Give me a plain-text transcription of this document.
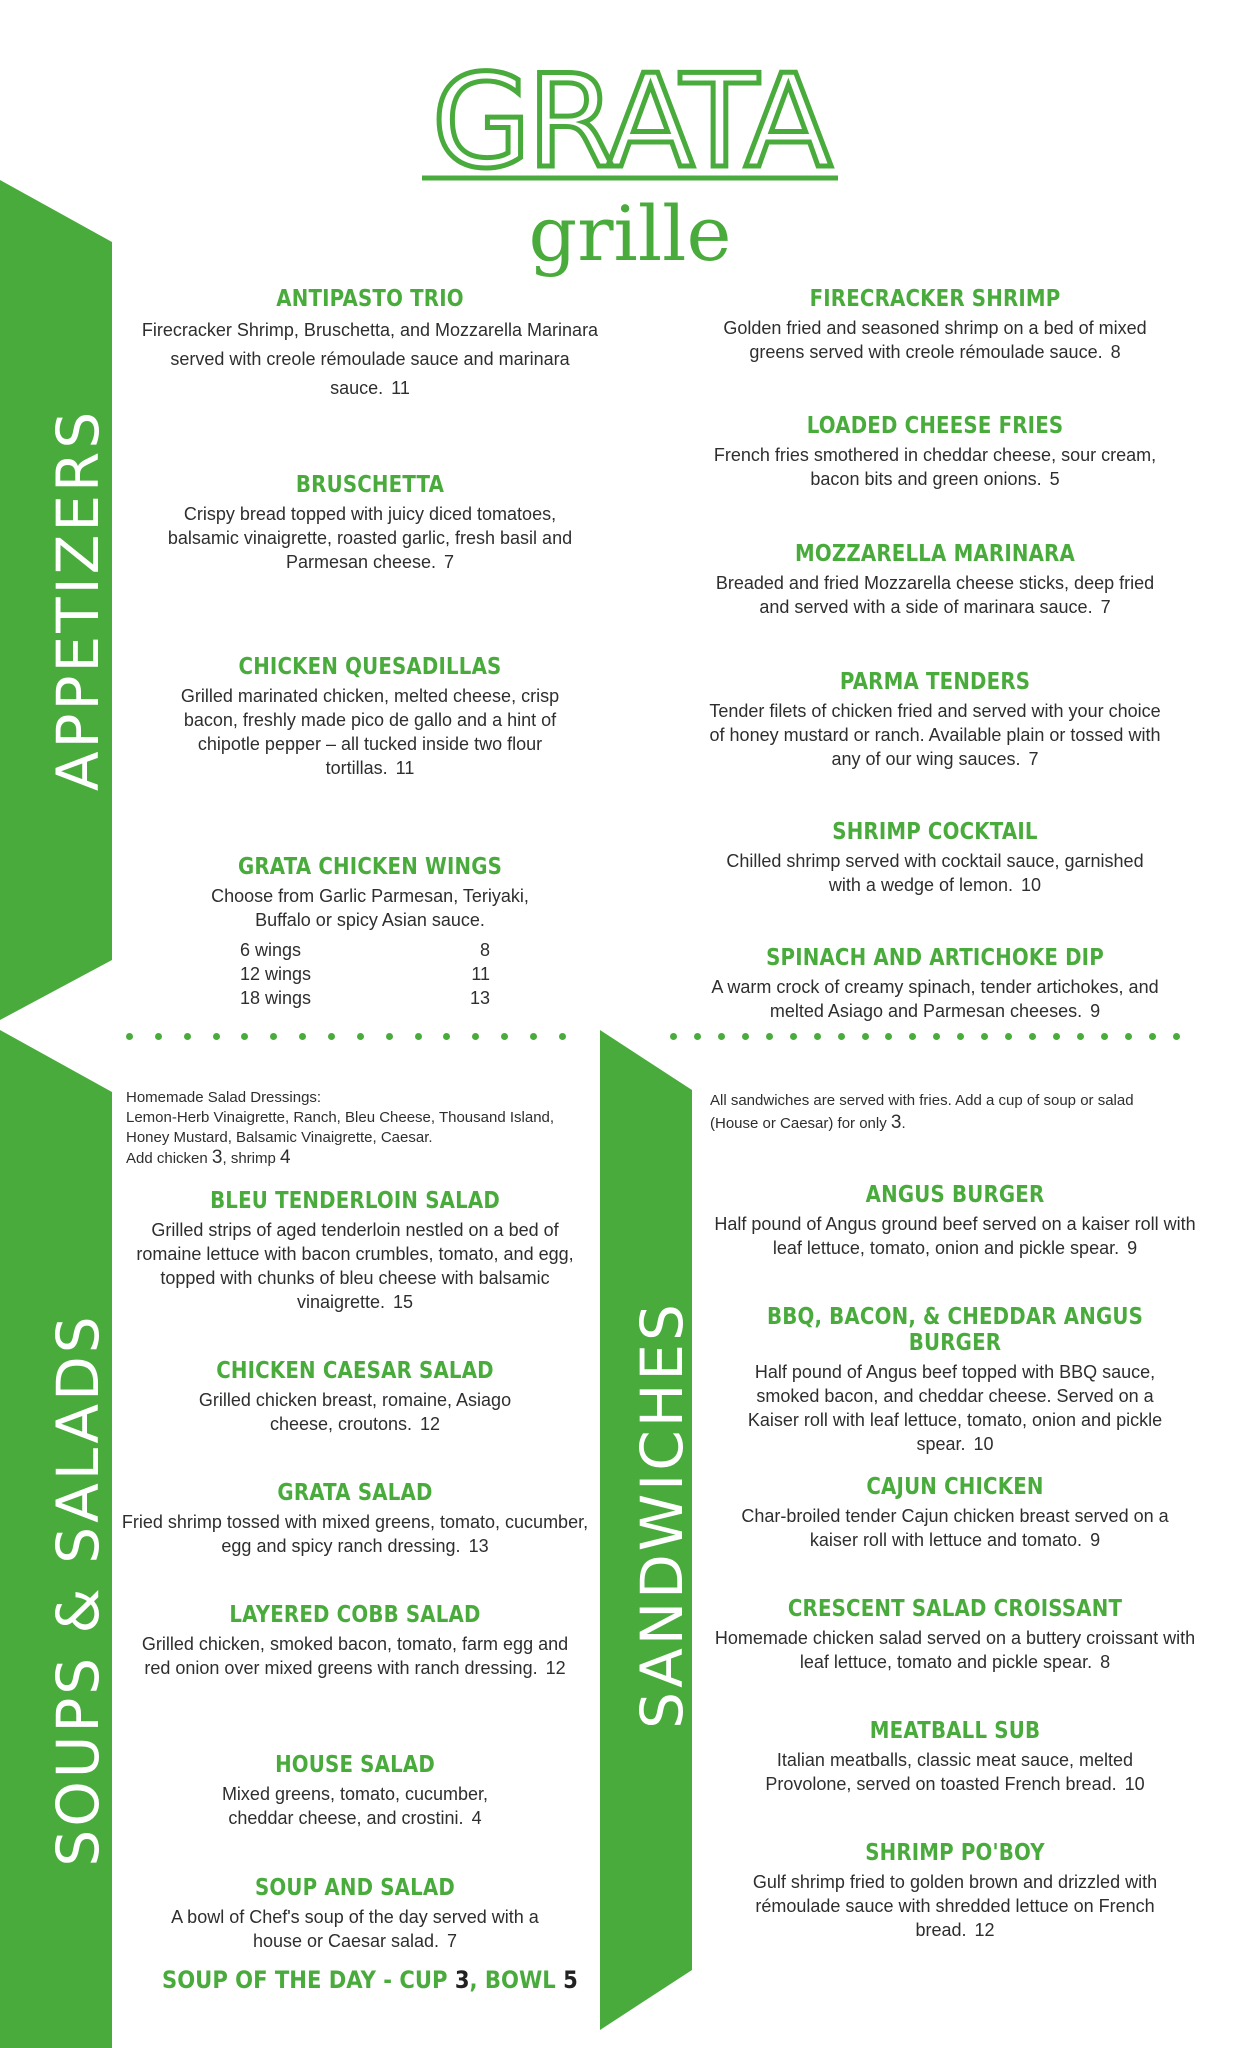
APPETIZERS
SOUPS & SALADS	SANDWICHES
GRATA
grille
ANTIPASTO TRIO
Firecracker Shrimp, Bruschetta, and Mozzarella Marinara served with creole rémoulade sauce and marinara sauce. 11
BRUSCHETTA
Crispy bread topped with juicy diced tomatoes, balsamic vinaigrette, roasted garlic, fresh basil and Parmesan cheese. 7
CHICKEN QUESADILLAS
Grilled marinated chicken, melted cheese, crisp bacon, freshly made pico de gallo and a hint of chipotle pepper – all tucked inside two flour tortillas. 11
GRATA CHICKEN WINGS
Choose from Garlic Parmesan, Teriyaki, Buffalo or spicy Asian sauce.
6 wings	8
12 wings	11
18 wings	13
FIRECRACKER SHRIMP
Golden fried and seasoned shrimp on a bed of mixed greens served with creole rémoulade sauce. 8
LOADED CHEESE FRIES
French fries smothered in cheddar cheese, sour cream, bacon bits and green onions. 5
MOZZARELLA MARINARA
Breaded and fried Mozzarella cheese sticks, deep fried and served with a side of marinara sauce. 7
PARMA TENDERS
Tender filets of chicken fried and served with your choice of honey mustard or ranch. Available plain or tossed with any of our wing sauces. 7
SHRIMP COCKTAIL
Chilled shrimp served with cocktail sauce, garnished with a wedge of lemon. 10
SPINACH AND ARTICHOKE DIP
A warm crock of creamy spinach, tender artichokes, and melted Asiago and Parmesan cheeses. 9
Homemade Salad Dressings:
Lemon-Herb Vinaigrette, Ranch, Bleu Cheese, Thousand Island, Honey Mustard, Balsamic Vinaigrette, Caesar.
Add chicken 3, shrimp 4
BLEU TENDERLOIN SALAD
Grilled strips of aged tenderloin nestled on a bed of romaine lettuce with bacon crumbles, tomato, and egg, topped with chunks of bleu cheese with balsamic vinaigrette. 15
CHICKEN CAESAR SALAD
Grilled chicken breast, romaine, Asiago cheese, croutons. 12
GRATA SALAD
Fried shrimp tossed with mixed greens, tomato, cucumber, egg and spicy ranch dressing. 13
LAYERED COBB SALAD
Grilled chicken, smoked bacon, tomato, farm egg and red onion over mixed greens with ranch dressing. 12
HOUSE SALAD
Mixed greens, tomato, cucumber, cheddar cheese, and crostini. 4
SOUP AND SALAD
A bowl of Chef's soup of the day served with a house or Caesar salad. 7
SOUP OF THE DAY - CUP 3, BOWL 5
All sandwiches are served with fries. Add a cup of soup or salad (House or Caesar) for only 3.
ANGUS BURGER
Half pound of Angus ground beef served on a kaiser roll with leaf lettuce, tomato, onion and pickle spear. 9
BBQ, BACON, & CHEDDAR ANGUS BURGER
Half pound of Angus beef topped with BBQ sauce, smoked bacon, and cheddar cheese. Served on a Kaiser roll with leaf lettuce, tomato, onion and pickle spear. 10
CAJUN CHICKEN
Char-broiled tender Cajun chicken breast served on a kaiser roll with lettuce and tomato. 9
CRESCENT SALAD CROISSANT
Homemade chicken salad served on a buttery croissant with leaf lettuce, tomato and pickle spear. 8
MEATBALL SUB
Italian meatballs, classic meat sauce, melted Provolone, served on toasted French bread. 10
SHRIMP PO'BOY
Gulf shrimp fried to golden brown and drizzled with rémoulade sauce with shredded lettuce on French bread. 12
